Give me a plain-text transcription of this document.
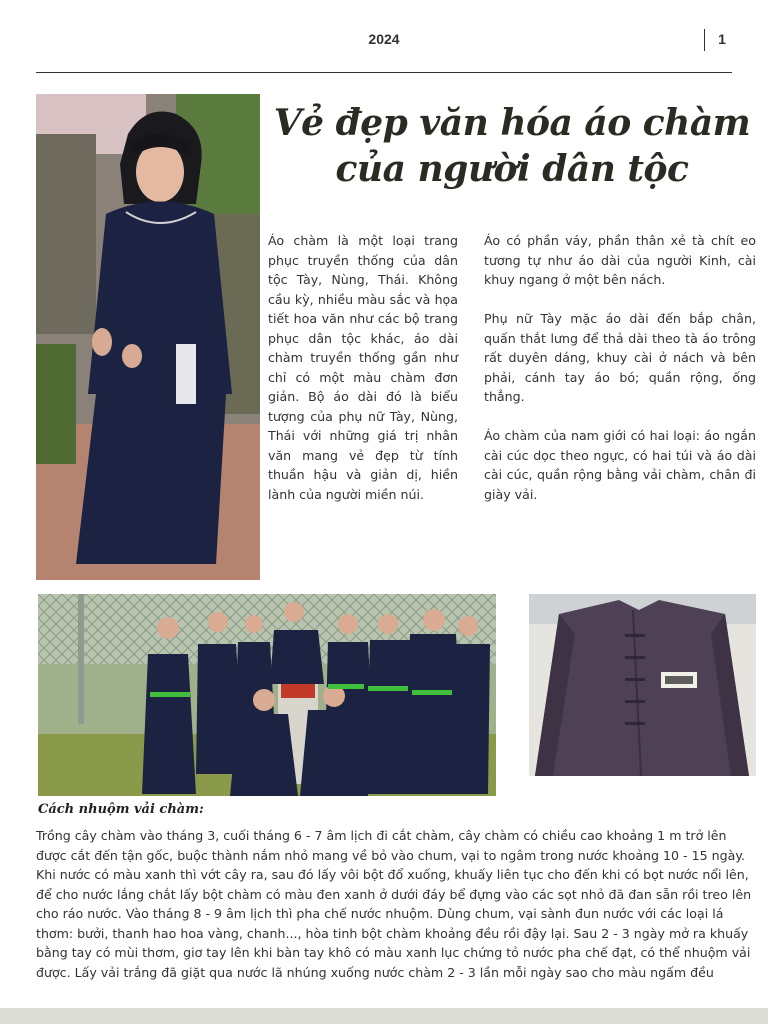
2024	1
Vẻ đẹp văn hóa áo chàm của người dân tộc
Áo chàm là một loại trang phục truyền thống của dân tộc Tày, Nùng, Thái. Không cầu kỳ, nhiều màu sắc và họa tiết hoa văn như các bộ trang phục dân tộc khác, áo dài chàm truyền thống gần như chỉ có một màu chàm đơn giản. Bộ áo dài đó là biểu tượng của phụ nữ Tày, Nùng, Thái với những giá trị nhân văn mang vẻ đẹp từ tính thuần hậu và giản dị, hiền lành của người miền núi.

Áo có phần váy, phần thân xẻ tà chít eo tương tự như áo dài của người Kinh, cài khuy ngang ở một bên nách.

Phụ nữ Tày mặc áo dài đến bắp chân, quấn thắt lưng để thả dài theo tà áo trông rất duyên dáng, khuy cài ở nách và bên phải, cánh tay áo bó; quần rộng, ống thẳng.

Áo chàm của nam giới có hai loại: áo ngắn cài cúc dọc theo ngực, có hai túi và áo dài cài cúc, quần rộng bằng vải chàm, chân đi giày vải.

Cách nhuộm vải chàm:
Trồng cây chàm vào tháng 3, cuối tháng 6 - 7 âm lịch đi cắt chàm, cây chàm có chiều cao khoảng 1 m trở lên được cắt đến tận gốc, buộc thành nắm nhỏ mang về bỏ vào chum, vại to ngâm trong nước khoảng 10 - 15 ngày. Khi nước có màu xanh thì vớt cây ra, sau đó lấy vôi bột đổ xuống, khuấy liên tục cho đến khi có bọt nước nổi lên, để cho nước lắng chắt lấy bột chàm có màu đen xanh ở dưới đáy bể đựng vào các sọt nhỏ đã đan sẵn rồi treo lên cho ráo nước. Vào tháng 8 - 9 âm lịch thì pha chế nước nhuộm. Dùng chum, vại sành đun nước với các loại lá thơm: bưởi, thanh hao hoa vàng, chanh..., hòa tinh bột chàm khoảng đều rồi đậy lại. Sau 2 - 3 ngày mở ra khuấy bằng tay có mùi thơm, giơ tay lên khi bàn tay khô có màu xanh lục chứng tỏ nước pha chế đạt, có thể nhuộm vải được. Lấy vải trắng đã giặt qua nước lã nhúng xuống nước chàm 2 - 3 lần mỗi ngày sao cho màu ngấm đều
